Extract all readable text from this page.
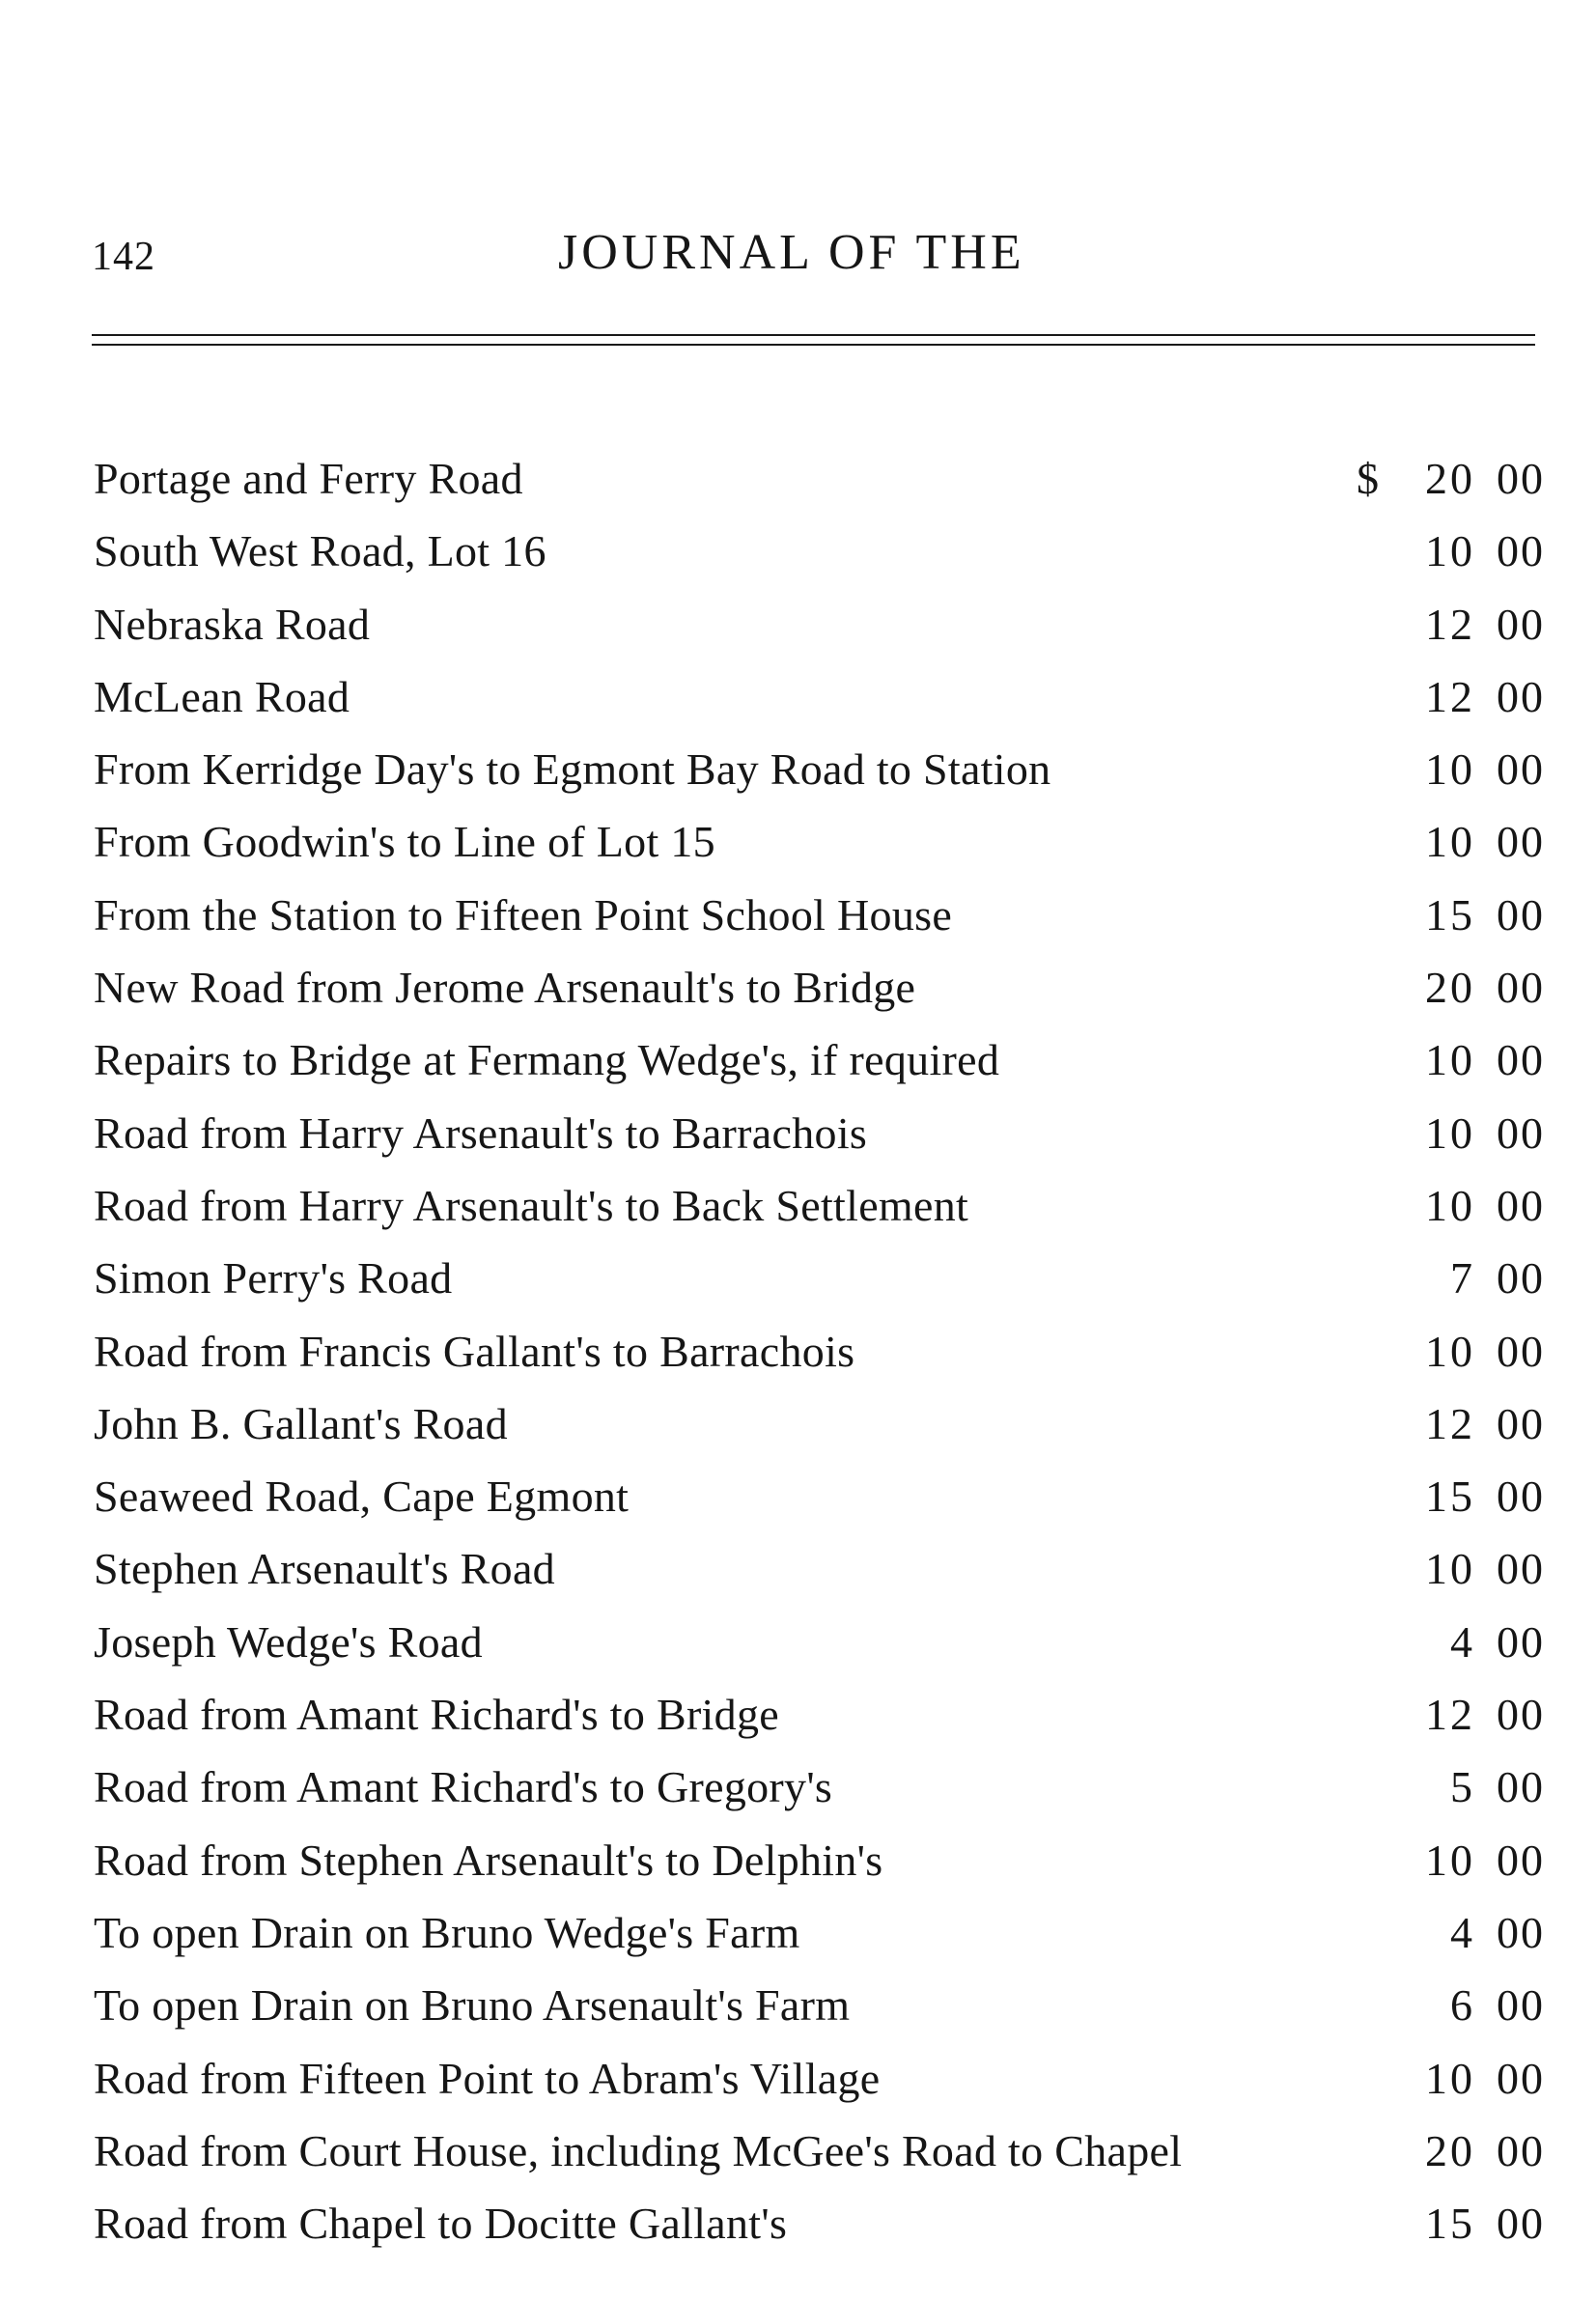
142	JOURNAL OF THE
Portage and Ferry Road	$ 20 00
South West Road, Lot 16	10 00
Nebraska Road	12 00
McLean Road	12 00
From Kerridge Day's to Egmont Bay Road to Station	10 00
From Goodwin's to Line of Lot 15	10 00
From the Station to Fifteen Point School House	15 00
New Road from Jerome Arsenault's to Bridge	20 00
Repairs to Bridge at Fermang Wedge's, if required	10 00
Road from Harry Arsenault's to Barrachois	10 00
Road from Harry Arsenault's to Back Settlement	10 00
Simon Perry's Road	7 00
Road from Francis Gallant's to Barrachois	10 00
John B. Gallant's Road	12 00
Seaweed Road, Cape Egmont	15 00
Stephen Arsenault's Road	10 00
Joseph Wedge's Road	4 00
Road from Amant Richard's to Bridge	12 00
Road from Amant Richard's to Gregory's	5 00
Road from Stephen Arsenault's to Delphin's	10 00
To open Drain on Bruno Wedge's Farm	4 00
To open Drain on Bruno Arsenault's Farm	6 00
Road from Fifteen Point to Abram's Village	10 00
Road from Court House, including McGee's Road to Chapel	20 00
Road from Chapel to Docitte Gallant's	15 00
